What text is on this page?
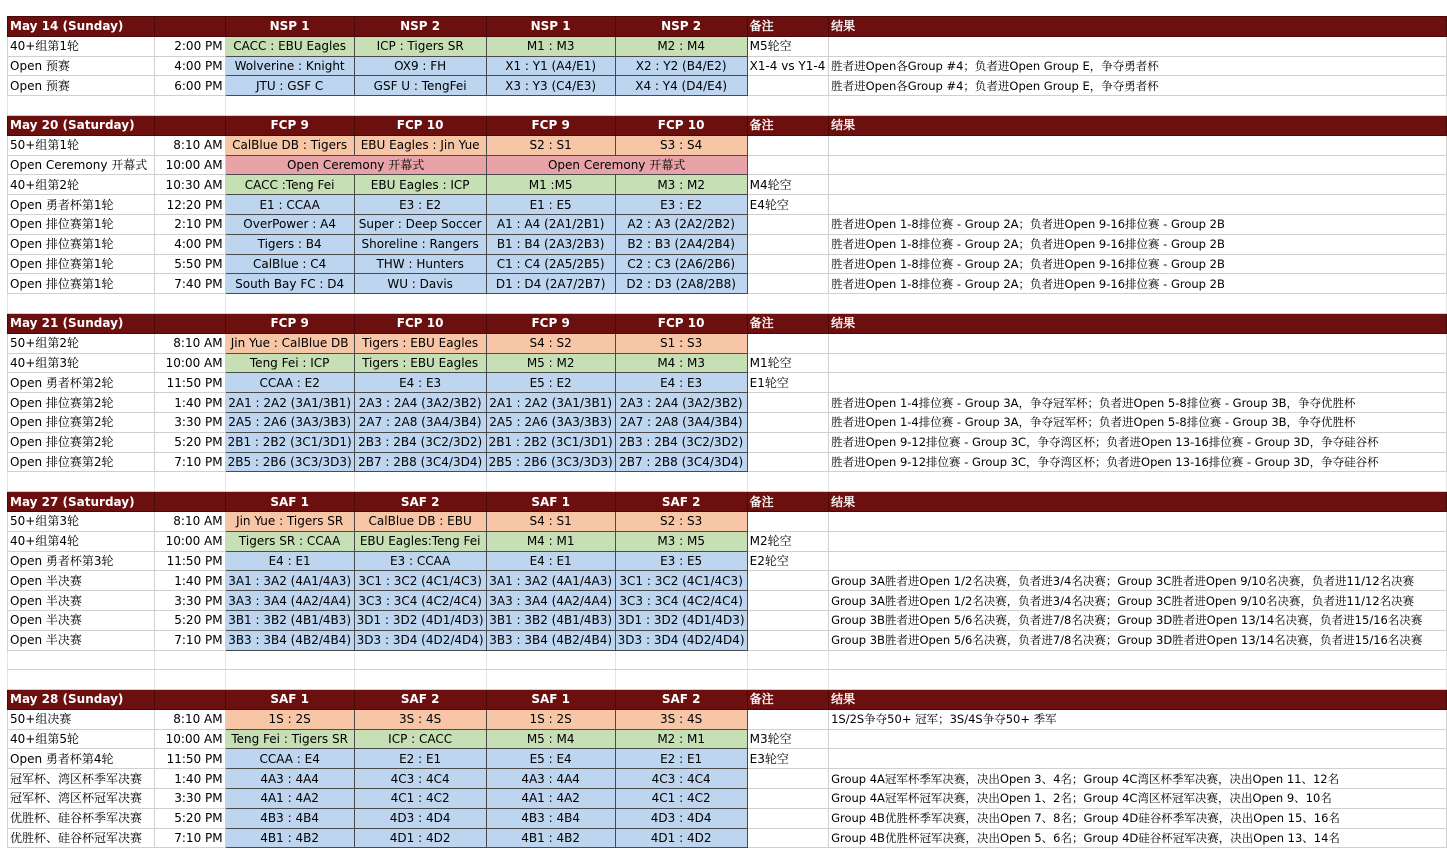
May 14 (Sunday)		NSP 1	NSP 2	NSP 1	NSP 2	备注	结果
40+组第1轮	2:00 PM	CACC : EBU Eagles	ICP : Tigers SR	M1 : M3	M2 : M4	M5轮空	
Open 预赛	4:00 PM	Wolverine : Knight	OX9 : FH	X1 : Y1 (A4/E1)	X2 : Y2 (B4/E2)	X1-4 vs Y1-4	胜者进Open各Group #4；负者进Open Group E，争夺勇者杯
Open 预赛	6:00 PM	JTU : GSF C	GSF U : TengFei	X3 : Y3 (C4/E3)	X4 : Y4 (D4/E4)		胜者进Open各Group #4；负者进Open Group E，争夺勇者杯

May 20 (Saturday)		FCP 9	FCP 10	FCP 9	FCP 10	备注	结果
50+组第1轮	8:10 AM	CalBlue DB : Tigers	EBU Eagles : Jin Yue	S2 : S1	S3 : S4		
Open Ceremony 开幕式	10:00 AM	Open Ceremony 开幕式		Open Ceremony 开幕式			
40+组第2轮	10:30 AM	CACC :Teng Fei	EBU Eagles : ICP	M1 :M5	M3 : M2	M4轮空	
Open 勇者杯第1轮	12:20 PM	E1 : CCAA	E3 : E2	E1 : E5	E3 : E2	E4轮空	
Open 排位赛第1轮	2:10 PM	OverPower : A4	Super : Deep Soccer	A1 : A4 (2A1/2B1)	A2 : A3 (2A2/2B2)		胜者进Open 1-8排位赛 - Group 2A；负者进Open 9-16排位赛 - Group 2B
Open 排位赛第1轮	4:00 PM	Tigers : B4	Shoreline : Rangers	B1 : B4 (2A3/2B3)	B2 : B3 (2A4/2B4)		胜者进Open 1-8排位赛 - Group 2A；负者进Open 9-16排位赛 - Group 2B
Open 排位赛第1轮	5:50 PM	CalBlue : C4	THW : Hunters	C1 : C4 (2A5/2B5)	C2 : C3 (2A6/2B6)		胜者进Open 1-8排位赛 - Group 2A；负者进Open 9-16排位赛 - Group 2B
Open 排位赛第1轮	7:40 PM	South Bay FC : D4	WU : Davis	D1 : D4 (2A7/2B7)	D2 : D3 (2A8/2B8)		胜者进Open 1-8排位赛 - Group 2A；负者进Open 9-16排位赛 - Group 2B

May 21 (Sunday)		FCP 9	FCP 10	FCP 9	FCP 10	备注	结果
50+组第2轮	8:10 AM	Jin Yue : CalBlue DB	Tigers : EBU Eagles	S4 : S2	S1 : S3		
40+组第3轮	10:00 AM	Teng Fei : ICP	Tigers : EBU Eagles	M5 : M2	M4 : M3	M1轮空	
Open 勇者杯第2轮	11:50 PM	CCAA : E2	E4 : E3	E5 : E2	E4 : E3	E1轮空	
Open 排位赛第2轮	1:40 PM	2A1 : 2A2 (3A1/3B1)	2A3 : 2A4 (3A2/3B2)	2A1 : 2A2 (3A1/3B1)	2A3 : 2A4 (3A2/3B2)		胜者进Open 1-4排位赛 - Group 3A，争夺冠军杯；负者进Open 5-8排位赛 - Group 3B，争夺优胜杯
Open 排位赛第2轮	3:30 PM	2A5 : 2A6 (3A3/3B3)	2A7 : 2A8 (3A4/3B4)	2A5 : 2A6 (3A3/3B3)	2A7 : 2A8 (3A4/3B4)		胜者进Open 1-4排位赛 - Group 3A，争夺冠军杯；负者进Open 5-8排位赛 - Group 3B，争夺优胜杯
Open 排位赛第2轮	5:20 PM	2B1 : 2B2 (3C1/3D1)	2B3 : 2B4 (3C2/3D2)	2B1 : 2B2 (3C1/3D1)	2B3 : 2B4 (3C2/3D2)		胜者进Open 9-12排位赛 - Group 3C，争夺湾区杯；负者进Open 13-16排位赛 - Group 3D，争夺硅谷杯
Open 排位赛第2轮	7:10 PM	2B5 : 2B6 (3C3/3D3)	2B7 : 2B8 (3C4/3D4)	2B5 : 2B6 (3C3/3D3)	2B7 : 2B8 (3C4/3D4)		胜者进Open 9-12排位赛 - Group 3C，争夺湾区杯；负者进Open 13-16排位赛 - Group 3D，争夺硅谷杯

May 27 (Saturday)		SAF 1	SAF 2	SAF 1	SAF 2	备注	结果
50+组第3轮	8:10 AM	Jin Yue : Tigers SR	CalBlue DB : EBU	S4 : S1	S2 : S3		
40+组第4轮	10:00 AM	Tigers SR : CCAA	EBU Eagles:Teng Fei	M4 : M1	M3 : M5	M2轮空	
Open 勇者杯第3轮	11:50 PM	E4 : E1	E3 : CCAA	E4 : E1	E3 : E5	E2轮空	
Open 半决赛	1:40 PM	3A1 : 3A2 (4A1/4A3)	3C1 : 3C2 (4C1/4C3)	3A1 : 3A2 (4A1/4A3)	3C1 : 3C2 (4C1/4C3)		Group 3A胜者进Open 1/2名决赛，负者进3/4名决赛；Group 3C胜者进Open 9/10名决赛，负者进11/12名决赛
Open 半决赛	3:30 PM	3A3 : 3A4 (4A2/4A4)	3C3 : 3C4 (4C2/4C4)	3A3 : 3A4 (4A2/4A4)	3C3 : 3C4 (4C2/4C4)		Group 3A胜者进Open 1/2名决赛，负者进3/4名决赛；Group 3C胜者进Open 9/10名决赛，负者进11/12名决赛
Open 半决赛	5:20 PM	3B1 : 3B2 (4B1/4B3)	3D1 : 3D2 (4D1/4D3)	3B1 : 3B2 (4B1/4B3)	3D1 : 3D2 (4D1/4D3)		Group 3B胜者进Open 5/6名决赛，负者进7/8名决赛；Group 3D胜者进Open 13/14名决赛，负者进15/16名决赛
Open 半决赛	7:10 PM	3B3 : 3B4 (4B2/4B4)	3D3 : 3D4 (4D2/4D4)	3B3 : 3B4 (4B2/4B4)	3D3 : 3D4 (4D2/4D4)		Group 3B胜者进Open 5/6名决赛，负者进7/8名决赛；Group 3D胜者进Open 13/14名决赛，负者进15/16名决赛

May 28 (Sunday)		SAF 1	SAF 2	SAF 1	SAF 2	备注	结果
50+组决赛	8:10 AM	1S : 2S	3S : 4S	1S : 2S	3S : 4S		1S/2S争夺50+ 冠军；3S/4S争夺50+ 季军
40+组第5轮	10:00 AM	Teng Fei : Tigers SR	ICP : CACC	M5 : M4	M2 : M1	M3轮空	
Open 勇者杯第4轮	11:50 PM	CCAA : E4	E2 : E1	E5 : E4	E2 : E1	E3轮空	
冠军杯、湾区杯季军决赛	1:40 PM	4A3 : 4A4	4C3 : 4C4	4A3 : 4A4	4C3 : 4C4		Group 4A冠军杯季军决赛，决出Open 3、4名；Group 4C湾区杯季军决赛，决出Open 11、12名
冠军杯、湾区杯冠军决赛	3:30 PM	4A1 : 4A2	4C1 : 4C2	4A1 : 4A2	4C1 : 4C2		Group 4A冠军杯冠军决赛，决出Open 1、2名；Group 4C湾区杯冠军决赛，决出Open 9、10名
优胜杯、硅谷杯季军决赛	5:20 PM	4B3 : 4B4	4D3 : 4D4	4B3 : 4B4	4D3 : 4D4		Group 4B优胜杯季军决赛，决出Open 7、8名；Group 4D硅谷杯季军决赛，决出Open 15、16名
优胜杯、硅谷杯冠军决赛	7:10 PM	4B1 : 4B2	4D1 : 4D2	4B1 : 4B2	4D1 : 4D2		Group 4B优胜杯冠军决赛，决出Open 5、6名；Group 4D硅谷杯冠军决赛，决出Open 13、14名
